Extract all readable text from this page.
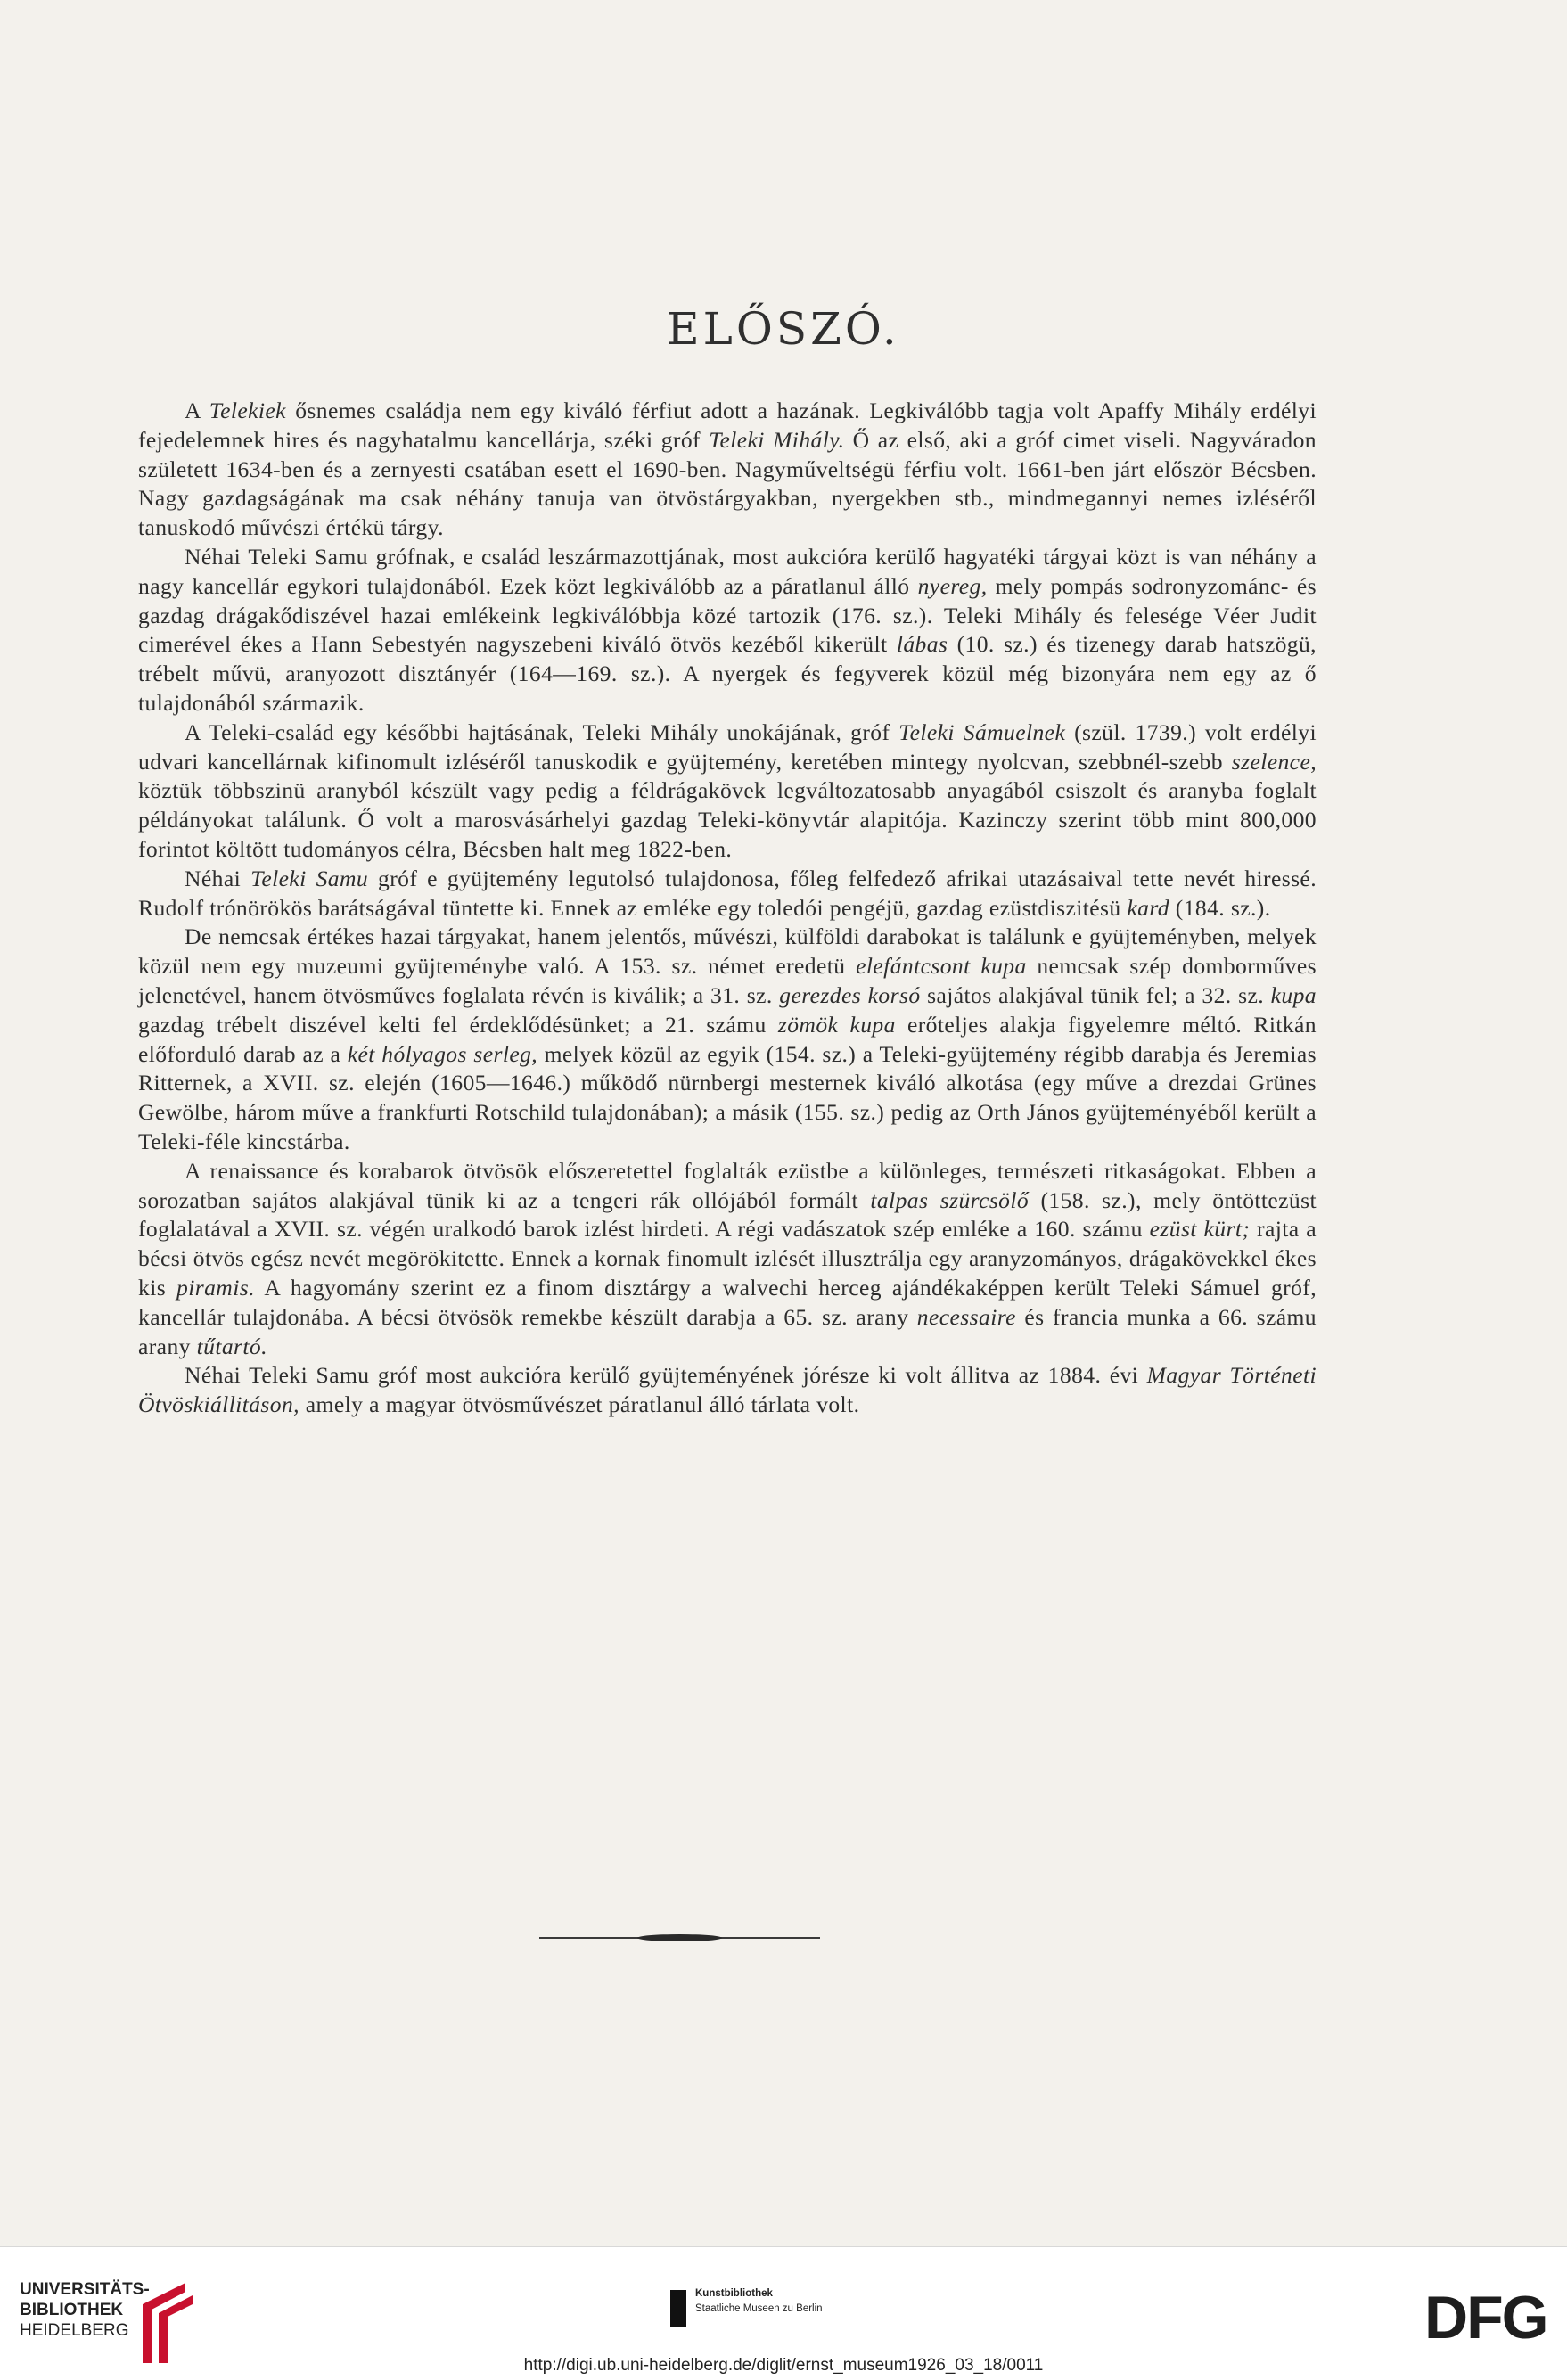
ELŐSZÓ.

A Telekiek ősnemes családja nem egy kiváló férfiut adott a hazának. Legkiválóbb tagja volt Apaffy Mihály erdélyi fejedelemnek hires és nagyhatalmu kancellárja, széki gróf Teleki Mihály. Ő az első, aki a gróf cimet viseli. Nagyváradon született 1634-ben és a zernyesti csatában esett el 1690-ben. Nagyműveltségü férfiu volt. 1661-ben járt először Bécsben. Nagy gazdagságának ma csak néhány tanuja van ötvöstárgyakban, nyergekben stb., mindmegannyi nemes izléséről tanuskodó művészi értékü tárgy.

Néhai Teleki Samu grófnak, e család leszármazottjának, most aukcióra kerülő hagyatéki tárgyai közt is van néhány a nagy kancellár egykori tulajdonából. Ezek közt legkiválóbb az a páratlanul álló nyereg, mely pompás sodronyzománc- és gazdag drágakődiszével hazai emlékeink legkiválóbbja közé tartozik (176. sz.). Teleki Mihály és felesége Véer Judit cimerével ékes a Hann Sebestyén nagyszebeni kiváló ötvös kezéből kikerült lábas (10. sz.) és tizenegy darab hatszögü, trébelt művü, aranyozott disztányér (164—169. sz.). A nyergek és fegyverek közül még bizonyára nem egy az ő tulajdonából származik.

A Teleki-család egy későbbi hajtásának, Teleki Mihály unokájának, gróf Teleki Sámuelnek (szül. 1739.) volt erdélyi udvari kancellárnak kifinomult izléséről tanuskodik e gyüjtemény, keretében mintegy nyolcvan, szebbnél-szebb szelence, köztük többszinü aranyból készült vagy pedig a féldrágakövek legváltozatosabb anyagából csiszolt és aranyba foglalt példányokat találunk. Ő volt a marosvásárhelyi gazdag Teleki-könyvtár alapitója. Kazinczy szerint több mint 800,000 forintot költött tudományos célra, Bécsben halt meg 1822-ben.

Néhai Teleki Samu gróf e gyüjtemény legutolsó tulajdonosa, főleg felfedező afrikai utazásaival tette nevét hiressé. Rudolf trónörökös barátságával tüntette ki. Ennek az emléke egy toledói pengéjü, gazdag ezüstdiszitésü kard (184. sz.).

De nemcsak értékes hazai tárgyakat, hanem jelentős, művészi, külföldi darabokat is találunk e gyüjteményben, melyek közül nem egy muzeumi gyüjteménybe való. A 153. sz. német eredetü elefántcsont kupa nemcsak szép domborműves jelenetével, hanem ötvösműves foglalata révén is kiválik; a 31. sz. gerezdes korsó sajátos alakjával tünik fel; a 32. sz. kupa gazdag trébelt diszével kelti fel érdeklődésünket; a 21. számu zömök kupa erőteljes alakja figyelemre méltó. Ritkán előforduló darab az a két hólyagos serleg, melyek közül az egyik (154. sz.) a Teleki-gyüjtemény régibb darabja és Jeremias Ritternek, a XVII. sz. elején (1605—1646.) működő nürnbergi mesternek kiváló alkotása (egy műve a drezdai Grünes Gewölbe, három műve a frankfurti Rotschild tulajdonában); a másik (155. sz.) pedig az Orth János gyüjteményéből került a Teleki-féle kincstárba.

A renaissance és korabarok ötvösök előszeretettel foglalták ezüstbe a különleges, természeti ritkaságokat. Ebben a sorozatban sajátos alakjával tünik ki az a tengeri rák ollójából formált talpas szürcsölő (158. sz.), mely öntöttezüst foglalatával a XVII. sz. végén uralkodó barok izlést hirdeti. A régi vadászatok szép emléke a 160. számu ezüst kürt; rajta a bécsi ötvös egész nevét megörökitette. Ennek a kornak finomult izlését illusztrálja egy aranyzományos, drágakövekkel ékes kis piramis. A hagyomány szerint ez a finom disztárgy a walvechi herceg ajándékaképpen került Teleki Sámuel gróf, kancellár tulajdonába. A bécsi ötvösök remekbe készült darabja a 65. sz. arany necessaire és francia munka a 66. számu arany tűtartó.

Néhai Teleki Samu gróf most aukcióra kerülő gyüjteményének jórésze ki volt állitva az 1884. évi Magyar Történeti Ötvöskiállitáson, amely a magyar ötvösművészet páratlanul álló tárlata volt.

UNIVERSITÄTS-
BIBLIOTHEK
HEIDELBERG
Kunstbibliothek
Staatliche Museen zu Berlin	DFG
http://digi.ub.uni-heidelberg.de/diglit/ernst_museum1926_03_18/0011
